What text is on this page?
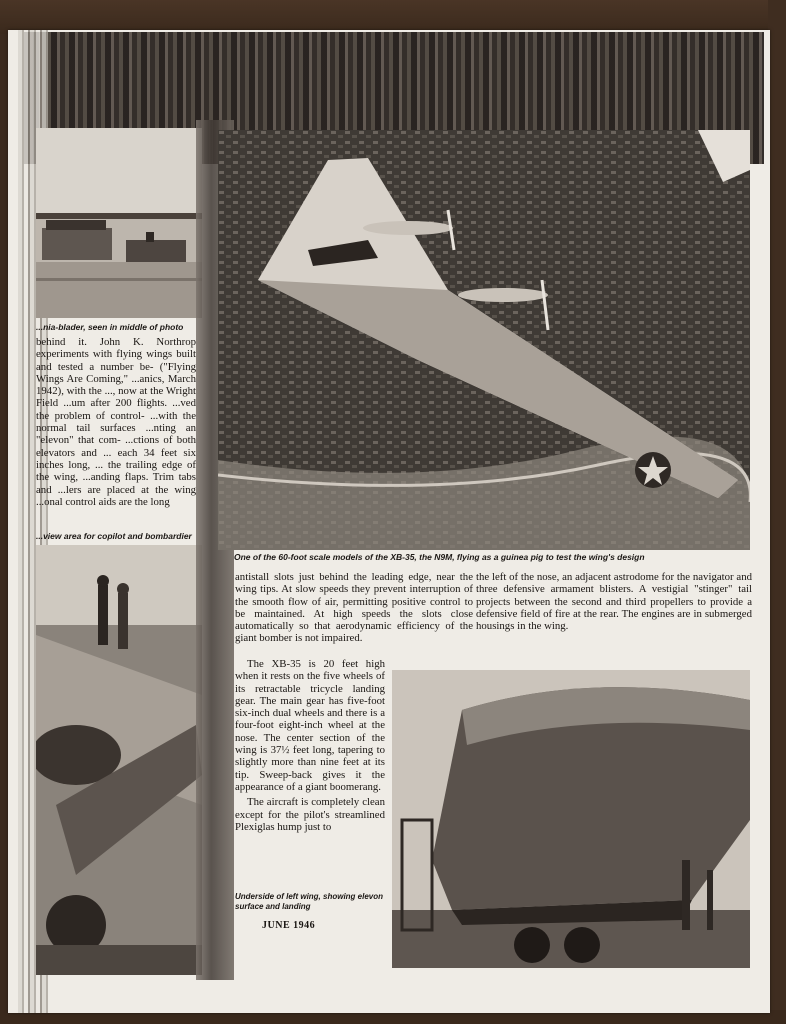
...nia-blader, seen in middle of photo

behind it. John K. Northrop experiments with flying wings built and tested a number be- ("Flying Wings Are Coming," ...anics, March 1942), with the ..., now at the Wright Field ...um after 200 flights. ...ved the problem of control- ...with the normal tail surfaces ...nting an "elevon" that com- ...ctions of both elevators and ... each 34 feet six inches long, ... the trailing edge of the wing, ...anding flaps. Trim tabs and ...lers are placed at the wing ...onal control aids are the long

...view area for copilot and bombardier
One of the 60-foot scale models of the XB-35, the N9M, flying as a guinea pig to test the wing's design

antistall slots just behind the leading edge, near the wing tips. At slow speeds they prevent interruption of the smooth flow of air, permitting positive control to be maintained. At high speeds the slots close automatically so that aerodynamic efficiency of the giant bomber is not impaired.

The XB-35 is 20 feet high when it rests on the five wheels of its retractable tricycle landing gear. The main gear has five-foot six-inch dual wheels and there is a four-foot eight-inch wheel at the nose. The center section of the wing is 37½ feet long, tapering to slightly more than nine feet at its tip. Sweep-back gives it the appearance of a giant boomerang.

The aircraft is completely clean except for the pilot's streamlined Plexiglas hump just to

the left of the nose, an adjacent astrodome for the navigator and three defensive armament blisters. A vestigial "stinger" tail projects between the second and third propellers to provide a defensive field of fire at the rear. The engines are in submerged housings in the wing.

Underside of left wing, showing elevon surface and landing
JUNE 1946
